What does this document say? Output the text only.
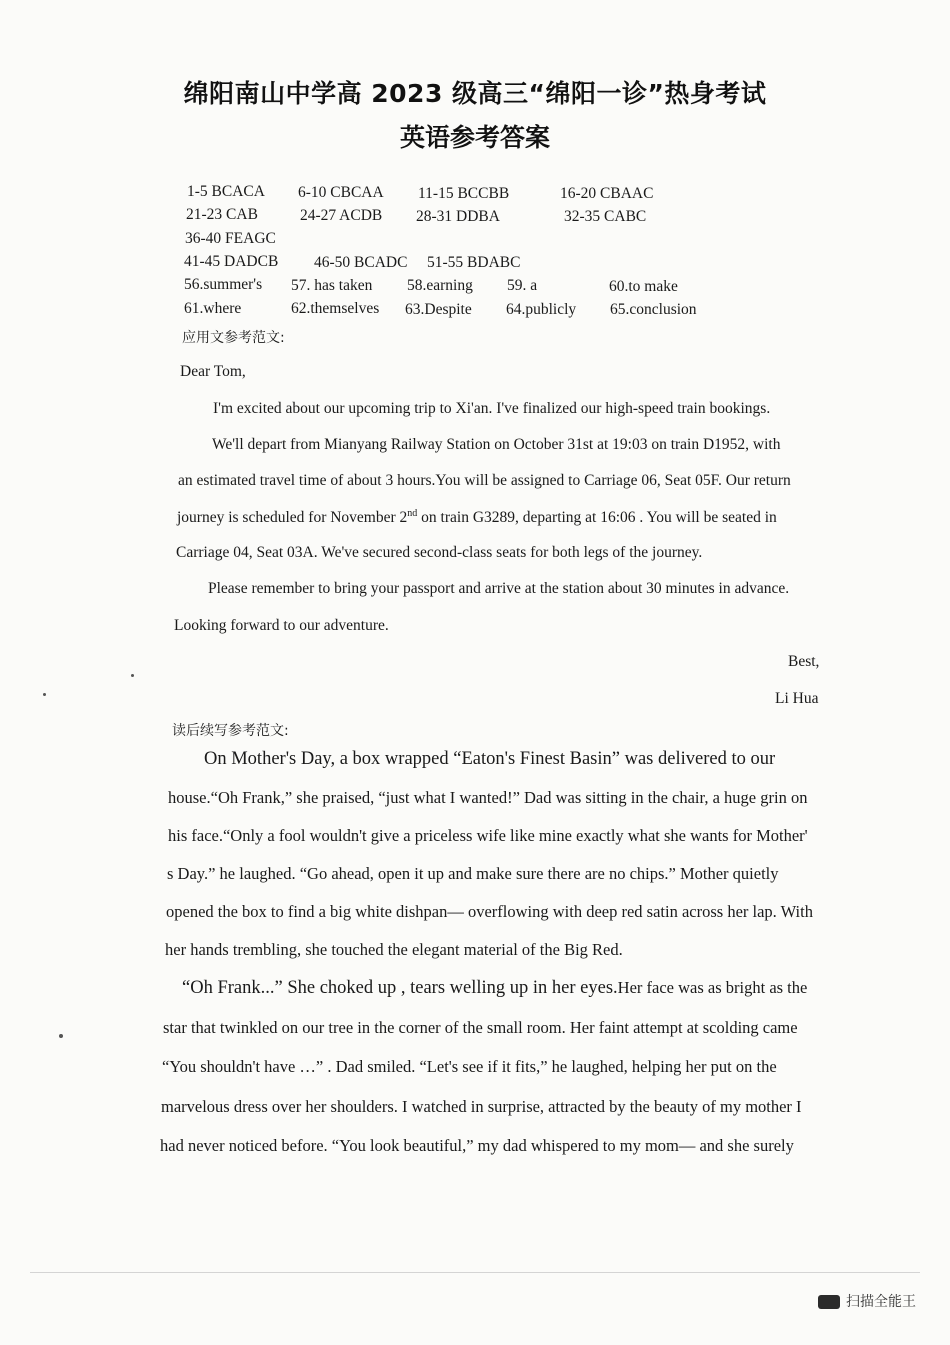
绵阳南山中学高 2023 级高三“绵阳一诊”热身考试
英语参考答案
1-5 BCACA 6-10 CBCAA 11-15 BCCBB	16-20 CBAAC
21-23 CAB	24-27 ACDB 28-31 DDBA	32-35 CABC
36-40 FEAGC
41-45 DADCB 46-50 BCADC 51-55 BDABC
56.summer's 57. has taken 58.earning 59. a	60.to make
61.where	62.themselves 63.Despite 64.publicly 65.conclusion
应用文参考范文:
Dear Tom,
I'm excited about our upcoming trip to Xi'an. I've finalized our high-speed train bookings.
We'll depart from Mianyang Railway Station on October 31st at 19:03 on train D1952, with
an estimated travel time of about 3 hours.You will be assigned to Carriage 06, Seat 05F. Our return
journey is scheduled for November 2nd on train G3289, departing at 16:06 . You will be seated in
Carriage 04, Seat 03A. We've secured second-class seats for both legs of the journey.
Please remember to bring your passport and arrive at the station about 30 minutes in advance.
Looking forward to our adventure.
Best,
Li Hua
读后续写参考范文:
On Mother's Day, a box wrapped “Eaton's Finest Basin” was delivered to our
house.“Oh Frank,” she praised, “just what I wanted!” Dad was sitting in the chair, a huge grin on
his face.“Only a fool wouldn't give a priceless wife like mine exactly what she wants for Mother'
s Day.” he laughed. “Go ahead, open it up and make sure there are no chips.” Mother quietly
opened the box to find a big white dishpan— overflowing with deep red satin across her lap. With
her hands trembling, she touched the elegant material of the Big Red.
“Oh Frank...” She choked up , tears welling up in her eyes.Her face was as bright as the
star that twinkled on our tree in the corner of the small room. Her faint attempt at scolding came
“You shouldn't have …” . Dad smiled. “Let's see if it fits,” he laughed, helping her put on the
marvelous dress over her shoulders. I watched in surprise, attracted by the beauty of my mother I
had never noticed before. “You look beautiful,” my dad whispered to my mom— and she surely
扫描全能王
